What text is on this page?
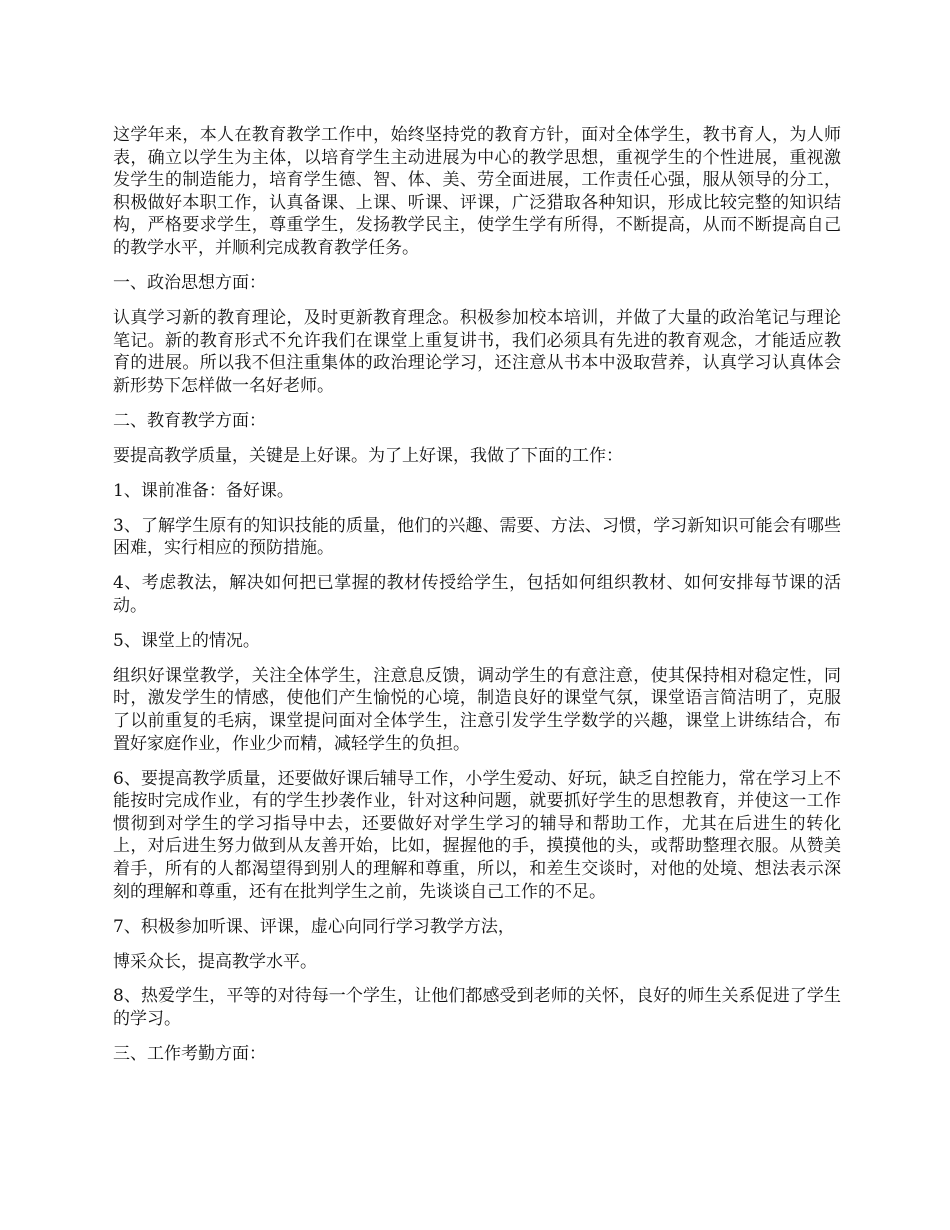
这学年来，本人在教育教学工作中，始终坚持党的教育方针，面对全体学生，教书育人，为人师表，确立以学生为主体，以培育学生主动进展为中心的教学思想，重视学生的个性进展，重视激发学生的制造能力，培育学生德、智、体、美、劳全面进展，工作责任心强，服从领导的分工，积极做好本职工作，认真备课、上课、听课、评课，广泛猎取各种知识，形成比较完整的知识结构，严格要求学生，尊重学生，发扬教学民主，使学生学有所得，不断提高，从而不断提高自己的教学水平，并顺利完成教育教学任务。

一、政治思想方面：

认真学习新的教育理论，及时更新教育理念。积极参加校本培训，并做了大量的政治笔记与理论笔记。新的教育形式不允许我们在课堂上重复讲书，我们必须具有先进的教育观念，才能适应教育的进展。所以我不但注重集体的政治理论学习，还注意从书本中汲取营养，认真学习认真体会新形势下怎样做一名好老师。

二、教育教学方面：

要提高教学质量，关键是上好课。为了上好课，我做了下面的工作：

1、课前准备：备好课。

3、了解学生原有的知识技能的质量，他们的兴趣、需要、方法、习惯，学习新知识可能会有哪些困难，实行相应的预防措施。

4、考虑教法，解决如何把已掌握的教材传授给学生，包括如何组织教材、如何安排每节课的活动。

5、课堂上的情况。

组织好课堂教学，关注全体学生，注意息反馈，调动学生的有意注意，使其保持相对稳定性，同时，激发学生的情感，使他们产生愉悦的心境，制造良好的课堂气氛，课堂语言简洁明了，克服了以前重复的毛病，课堂提问面对全体学生，注意引发学生学数学的兴趣，课堂上讲练结合，布置好家庭作业，作业少而精，减轻学生的负担。

6、要提高教学质量，还要做好课后辅导工作，小学生爱动、好玩，缺乏自控能力，常在学习上不能按时完成作业，有的学生抄袭作业，针对这种问题，就要抓好学生的思想教育，并使这一工作惯彻到对学生的学习指导中去，还要做好对学生学习的辅导和帮助工作，尤其在后进生的转化上，对后进生努力做到从友善开始，比如，握握他的手，摸摸他的头，或帮助整理衣服。从赞美着手，所有的人都渴望得到别人的理解和尊重，所以，和差生交谈时，对他的处境、想法表示深刻的理解和尊重，还有在批判学生之前，先谈谈自己工作的不足。

7、积极参加听课、评课，虚心向同行学习教学方法，

博采众长，提高教学水平。

8、热爱学生，平等的对待每一个学生，让他们都感受到老师的关怀，良好的师生关系促进了学生的学习。

三、工作考勤方面：
